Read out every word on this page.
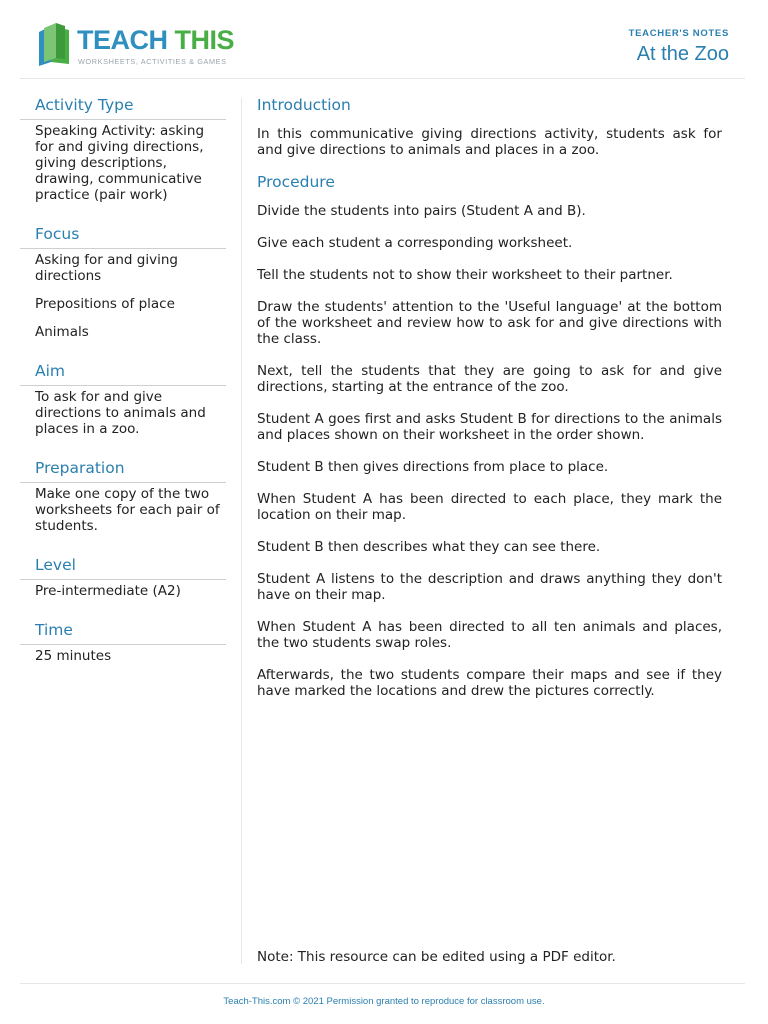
TEACH THIS
WORKSHEETS, ACTIVITIES & GAMES
TEACHER'S NOTES
At the Zoo
Activity Type
Speaking Activity: asking for and giving directions, giving descriptions, drawing, communicative practice (pair work)
Focus
Asking for and giving directions
Prepositions of place
Animals
Aim
To ask for and give directions to animals and places in a zoo.
Preparation
Make one copy of the two worksheets for each pair of students.
Level
Pre-intermediate (A2)
Time
25 minutes
Introduction

In this communicative giving directions activity, students ask for and give directions to animals and places in a zoo.

Procedure

Divide the students into pairs (Student A and B).

Give each student a corresponding worksheet.

Tell the students not to show their worksheet to their partner.

Draw the students' attention to the 'Useful language' at the bottom of the worksheet and review how to ask for and give directions with the class.

Next, tell the students that they are going to ask for and give directions, starting at the entrance of the zoo.

Student A goes first and asks Student B for directions to the animals and places shown on their worksheet in the order shown.

Student B then gives directions from place to place.

When Student A has been directed to each place, they mark the location on their map.

Student B then describes what they can see there.

Student A listens to the description and draws anything they don't have on their map.

When Student A has been directed to all ten animals and places, the two students swap roles.

Afterwards, the two students compare their maps and see if they have marked the locations and drew the pictures correctly.

Note: This resource can be edited using a PDF editor.
Teach-This.com © 2021 Permission granted to reproduce for classroom use.
